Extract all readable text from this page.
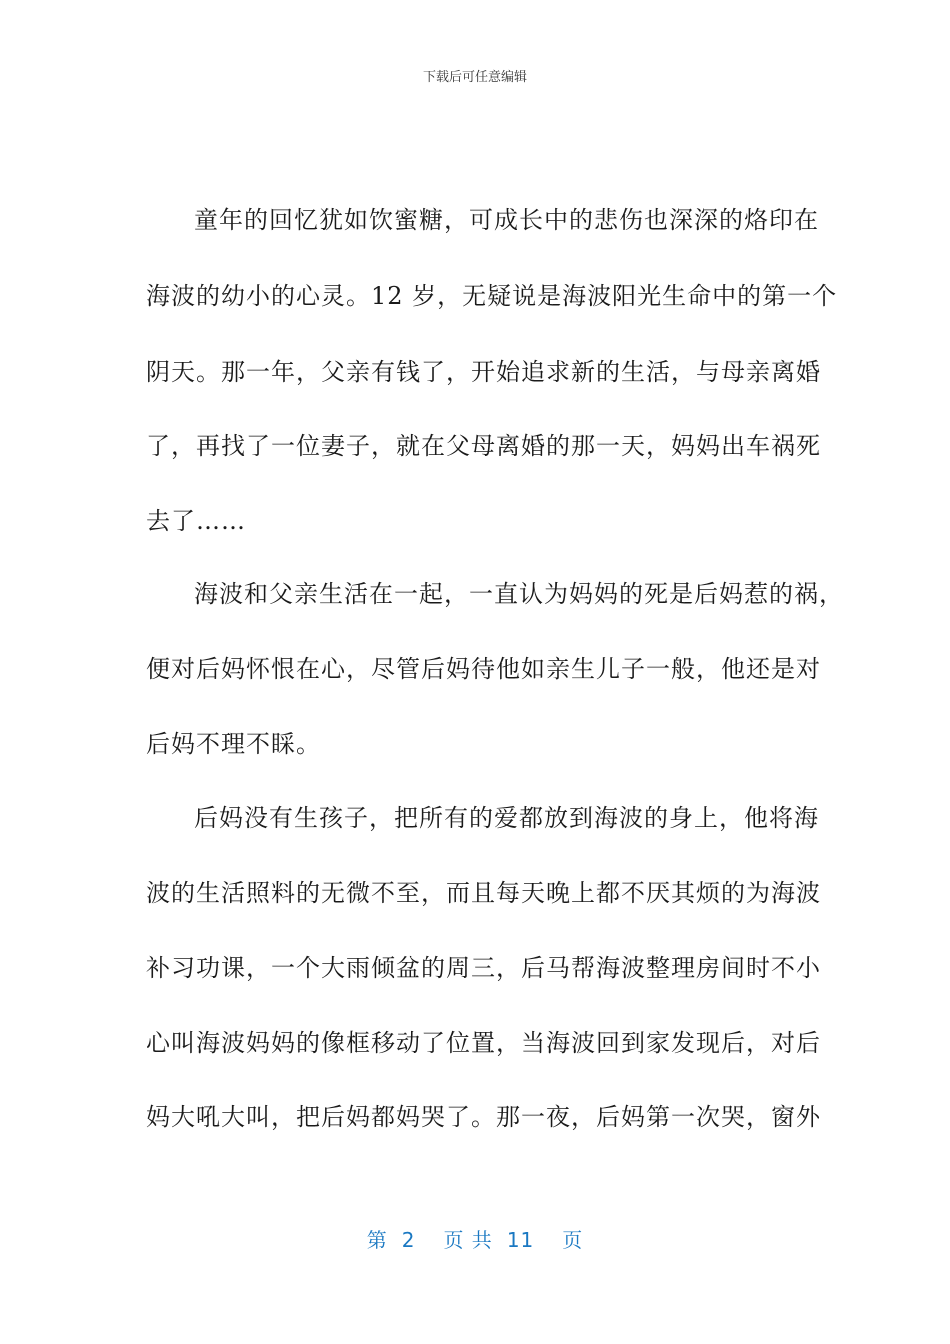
下载后可任意编辑
童年的回忆犹如饮蜜糖，可成长中的悲伤也深深的烙印在
海波的幼小的心灵。12 岁，无疑说是海波阳光生命中的第一个
阴天。那一年，父亲有钱了，开始追求新的生活，与母亲离婚
了，再找了一位妻子，就在父母离婚的那一天，妈妈出车祸死
去了……
海波和父亲生活在一起，一直认为妈妈的死是后妈惹的祸，
便对后妈怀恨在心，尽管后妈待他如亲生儿子一般，他还是对
后妈不理不睬。
后妈没有生孩子，把所有的爱都放到海波的身上，他将海
波的生活照料的无微不至，而且每天晚上都不厌其烦的为海波
补习功课，一个大雨倾盆的周三，后马帮海波整理房间时不小
心叫海波妈妈的像框移动了位置，当海波回到家发现后，对后
妈大吼大叫，把后妈都妈哭了。那一夜，后妈第一次哭，窗外
第 2 页 共 11 页
